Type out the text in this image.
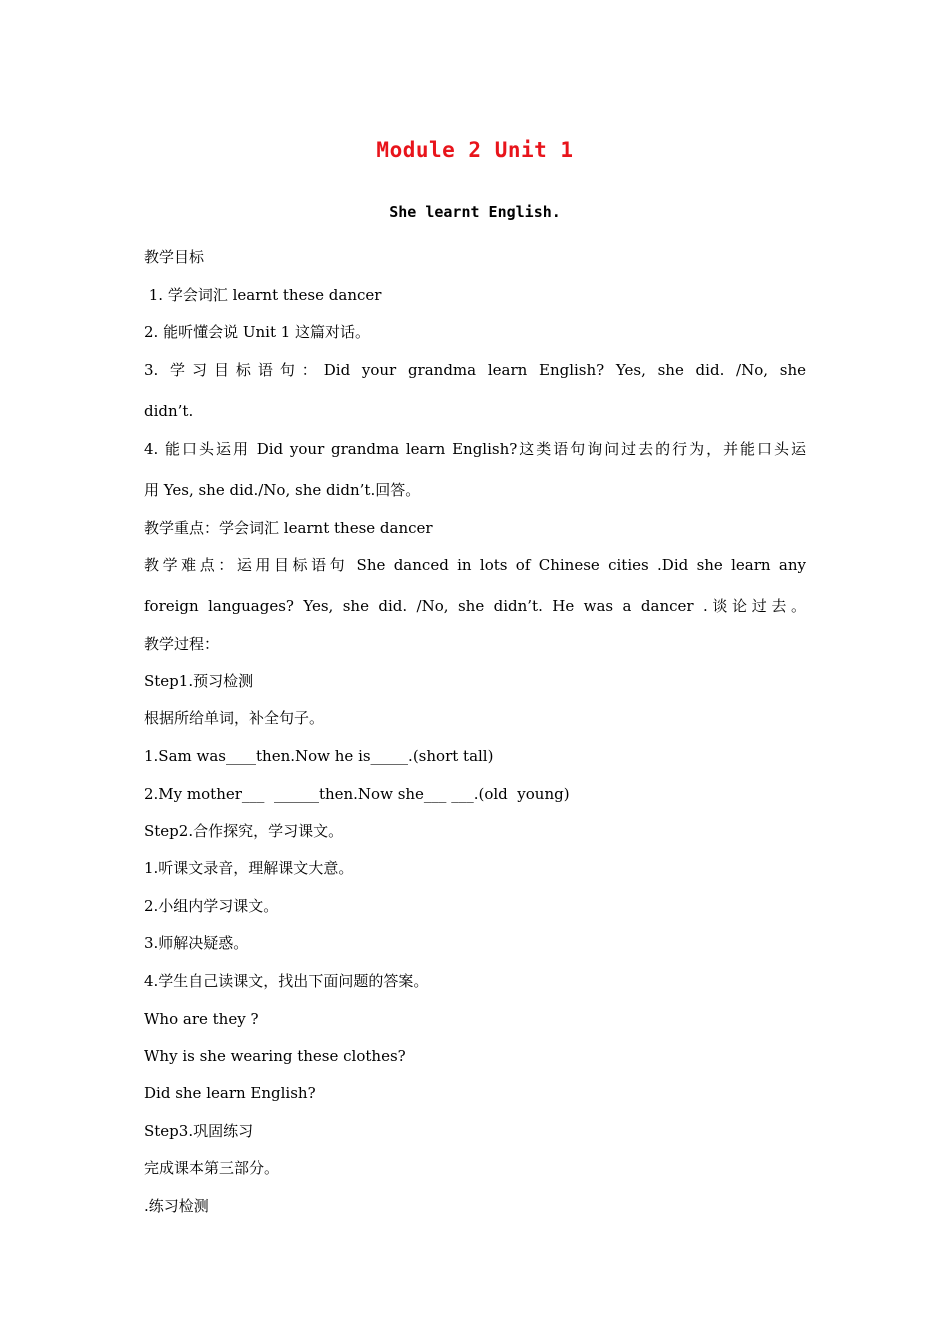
Module 2 Unit 1
She learnt English.
教学目标
1. 学会词汇 learnt these dancer
2. 能听懂会说 Unit 1 这篇对话。
3. 学习目标语句：Did your grandma learn English? Yes, she did. /No, she
didn’t.
4. 能口头运用 Did your grandma learn English?这类语句询问过去的行为，并能口头运
用 Yes, she did./No, she didn’t.回答。
教学重点：学会词汇 learnt these dancer
教学难点：运用目标语句 She danced in lots of Chinese cities .Did she learn any
foreign languages? Yes, she did. /No, she didn’t. He was a dancer .谈论过去。
教学过程：
Step1.预习检测
根据所给单词，补全句子。
1.Sam was____then.Now he is_____.(short tall)
2.My mother___  ______then.Now she___ ___.(old  young)
Step2.合作探究，学习课文。
1.听课文录音，理解课文大意。
2.小组内学习课文。
3.师解决疑惑。
4.学生自己读课文，找出下面问题的答案。
Who are they ?
Why is she wearing these clothes?
Did she learn English?
Step3.巩固练习
完成课本第三部分。
.练习检测
